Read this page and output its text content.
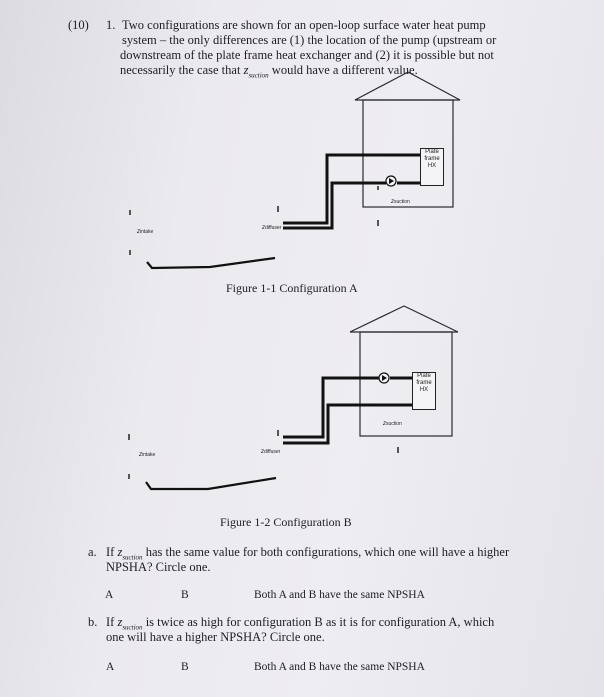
(10) 1. Two configurations are shown for an open-loop surface water heat pump
system – the only differences are (1) the location of the pump (upstream or
downstream of the plate frame heat exchanger and (2) it is possible but not
necessarily the case that $z_{suction}$ would have a different value.
Plate
frame
HX
Plate
frame
HX
zintake
zdiffuser
zsuction
Figure 1-1 Configuration A
zintake	zdiffuser
zsuction
Figure 1-2 Configuration B
a. If $z_{suction}$ has the same value for both configurations, which one will have a higher
NPSHA? Circle one.
A	B	Both A and B have the same NPSHA
b. If $z_{suction}$ is twice as high for configuration B as it is for configuration A, which
one will have a higher NPSHA? Circle one.
A	B	Both A and B have the same NPSHA
